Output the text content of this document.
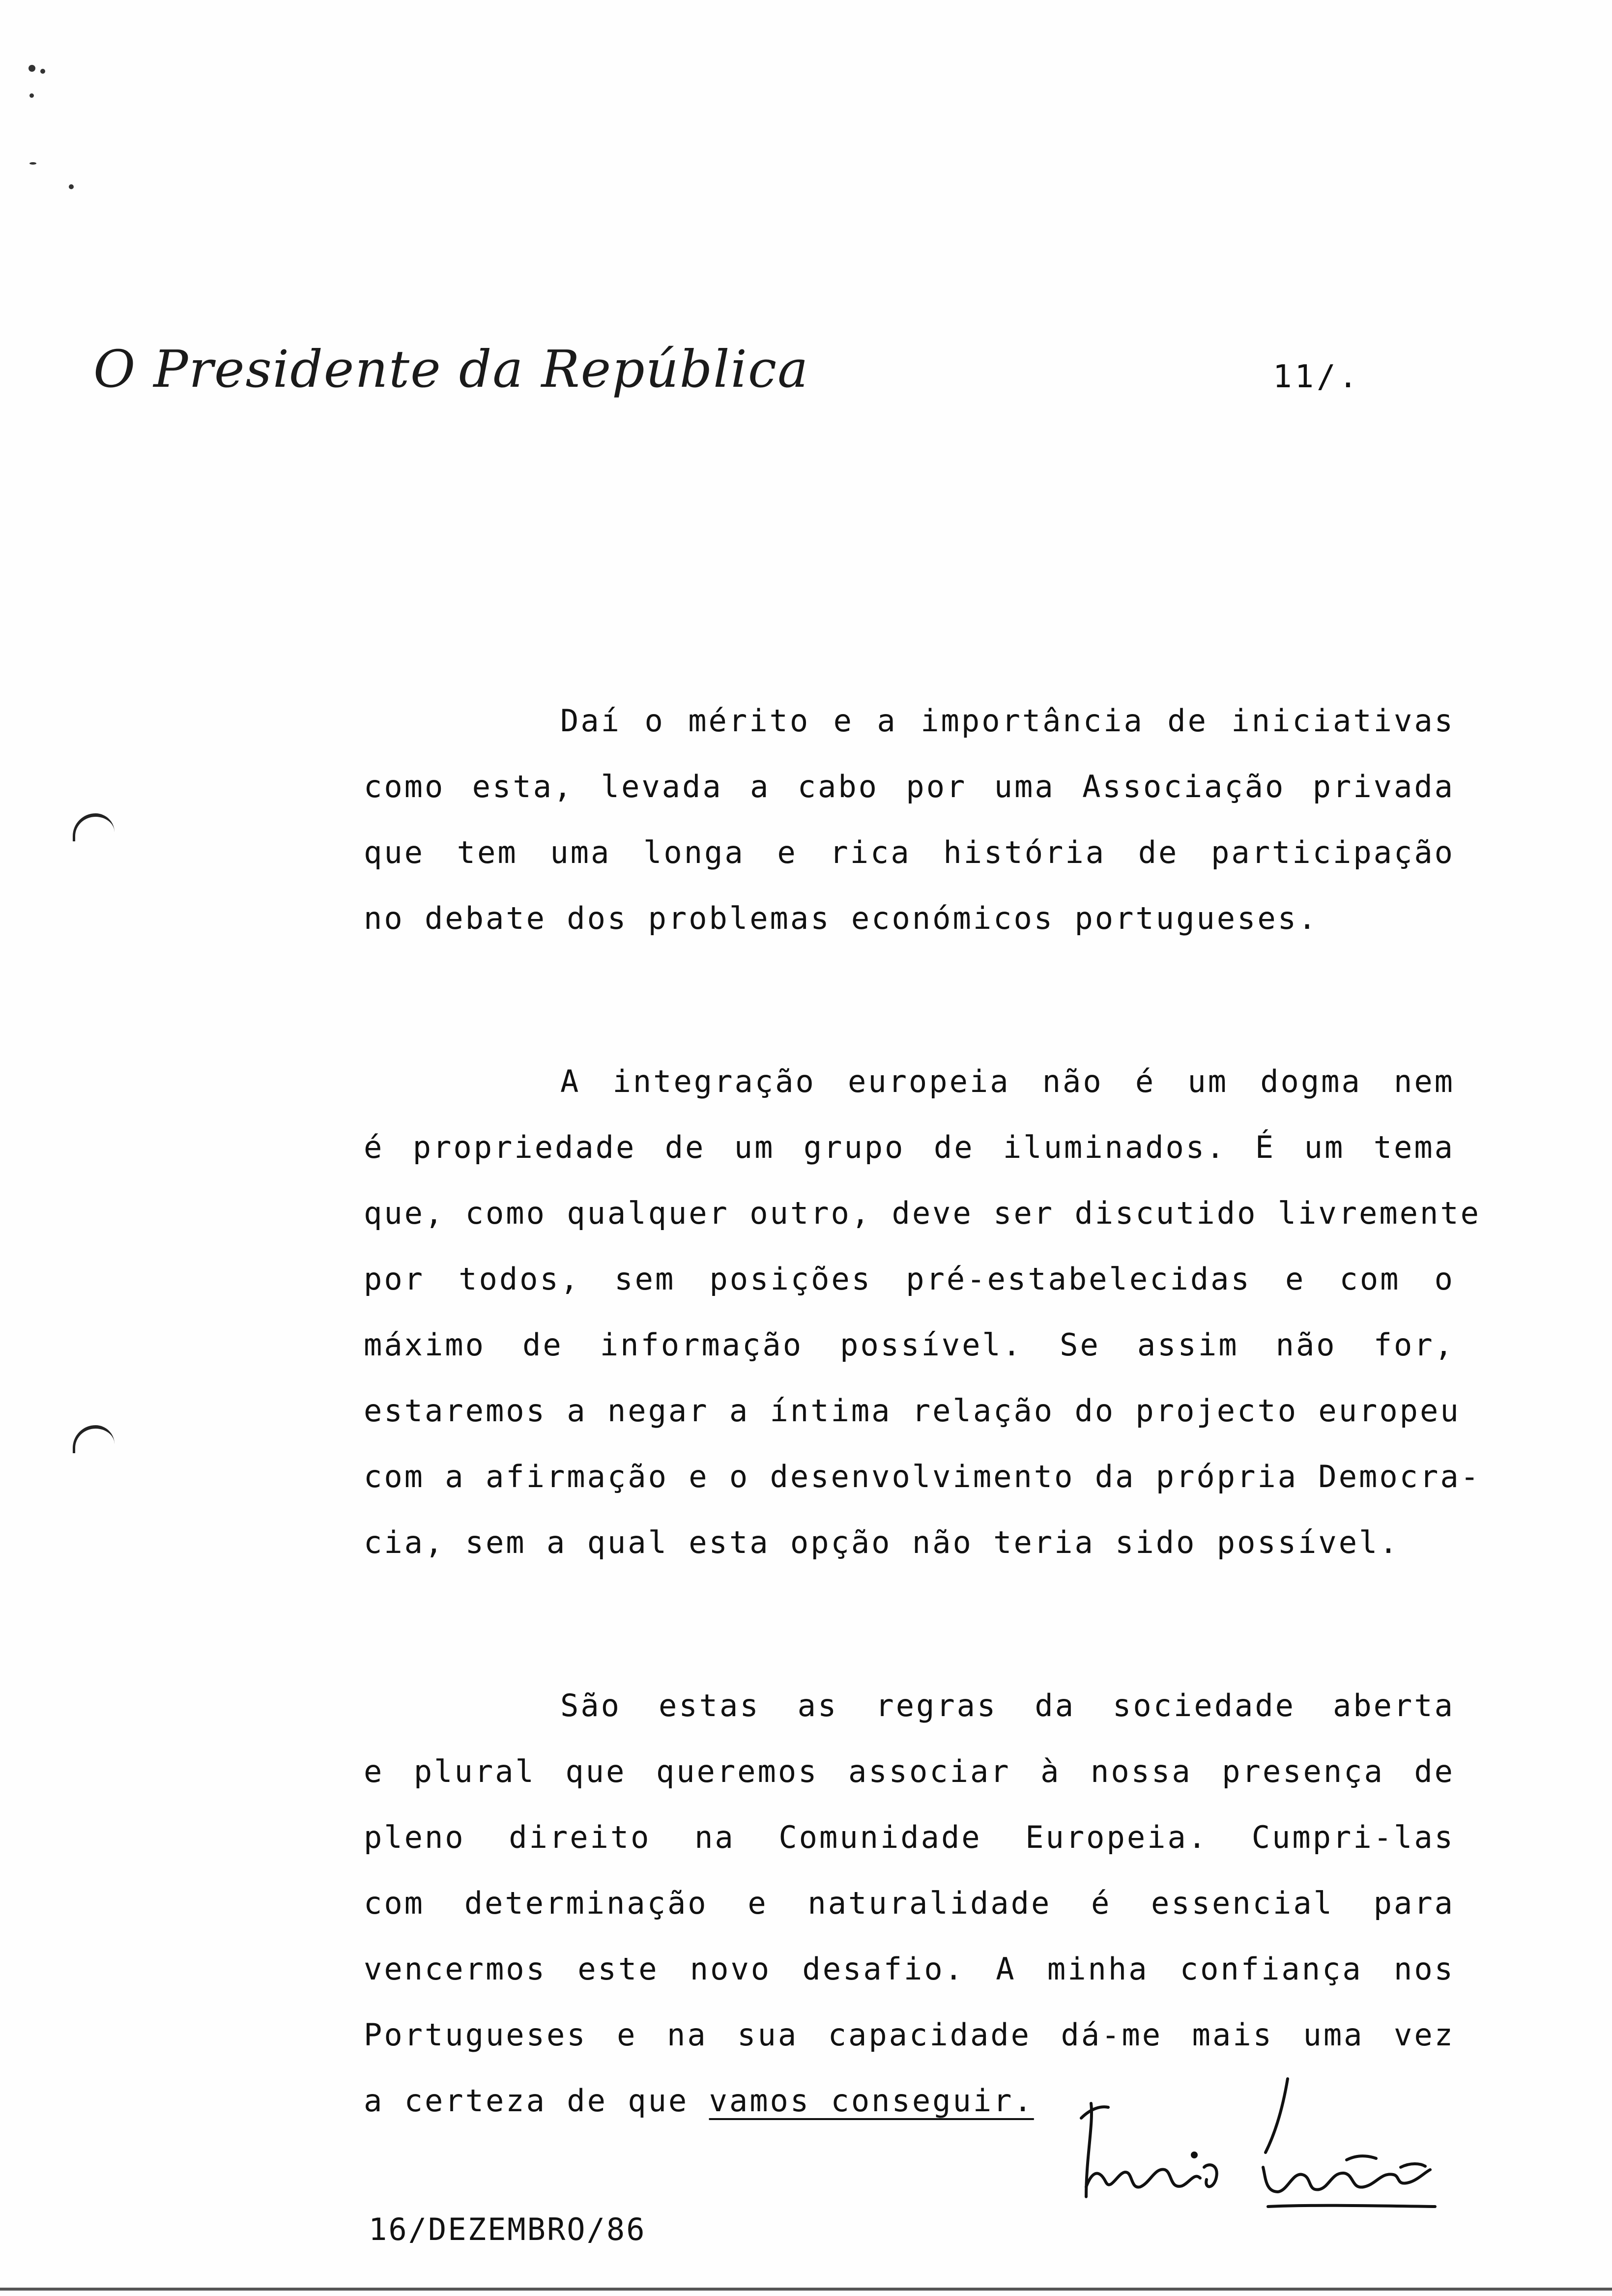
O Presidente da República	11/.
Daí o mérito e a importância de iniciativas
como esta, levada a cabo por uma Associação privada
que tem uma longa e rica história de participação
no debate dos problemas económicos portugueses.
A integração europeia não é um dogma nem
é propriedade de um grupo de iluminados. É um tema
que, como qualquer outro, deve ser discutido livremente
por todos, sem posições pré-estabelecidas e com o
máximo de informação possível. Se assim não for,
estaremos a negar a íntima relação do projecto europeu
com a afirmação e o desenvolvimento da própria Democra-
cia, sem a qual esta opção não teria sido possível.
São estas as regras da sociedade aberta
e plural que queremos associar à nossa presença de
pleno direito na Comunidade Europeia. Cumpri-las
com determinação e naturalidade é essencial para
vencermos este novo desafio. A minha confiança nos
Portugueses e na sua capacidade dá-me mais uma vez
a certeza de que vamos conseguir.
16/DEZEMBRO/86
